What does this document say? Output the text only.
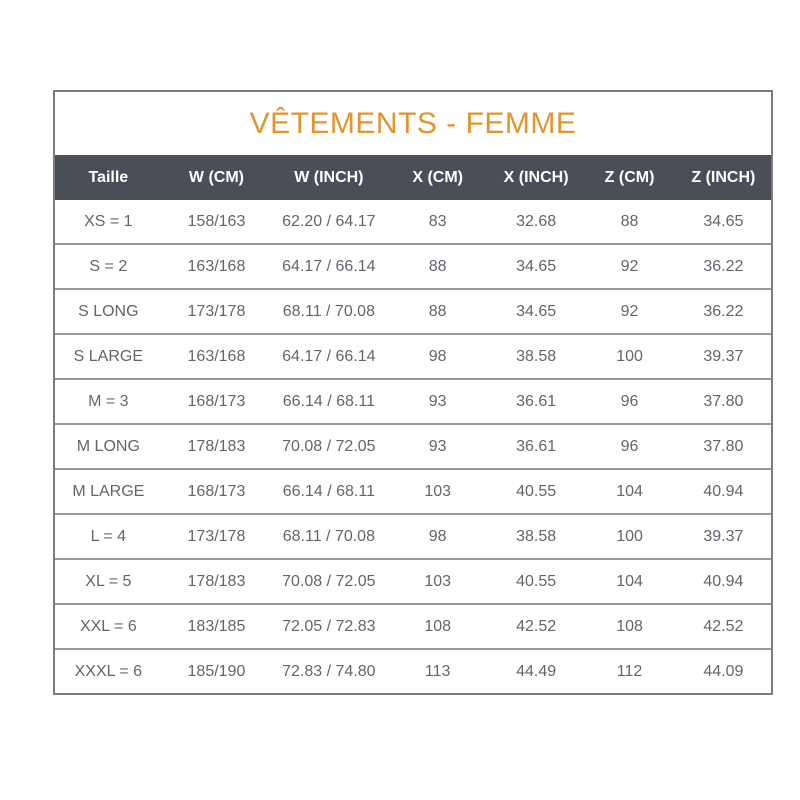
VÊTEMENTS - FEMME
Taille	W (CM)	W (INCH)	X (CM)	X (INCH)	Z (CM)	Z (INCH)
XS = 1	158/163	62.20 / 64.17	83	32.68	88	34.65
S = 2	163/168	64.17 / 66.14	88	34.65	92	36.22
S LONG	173/178	68.11 / 70.08	88	34.65	92	36.22
S LARGE	163/168	64.17 / 66.14	98	38.58	100	39.37
M = 3	168/173	66.14 / 68.11	93	36.61	96	37.80
M LONG	178/183	70.08 / 72.05	93	36.61	96	37.80
M LARGE	168/173	66.14 / 68.11	103	40.55	104	40.94
L = 4	173/178	68.11 / 70.08	98	38.58	100	39.37
XL = 5	178/183	70.08 / 72.05	103	40.55	104	40.94
XXL = 6	183/185	72.05 / 72.83	108	42.52	108	42.52
XXXL = 6	185/190	72.83 / 74.80	113	44.49	112	44.09
